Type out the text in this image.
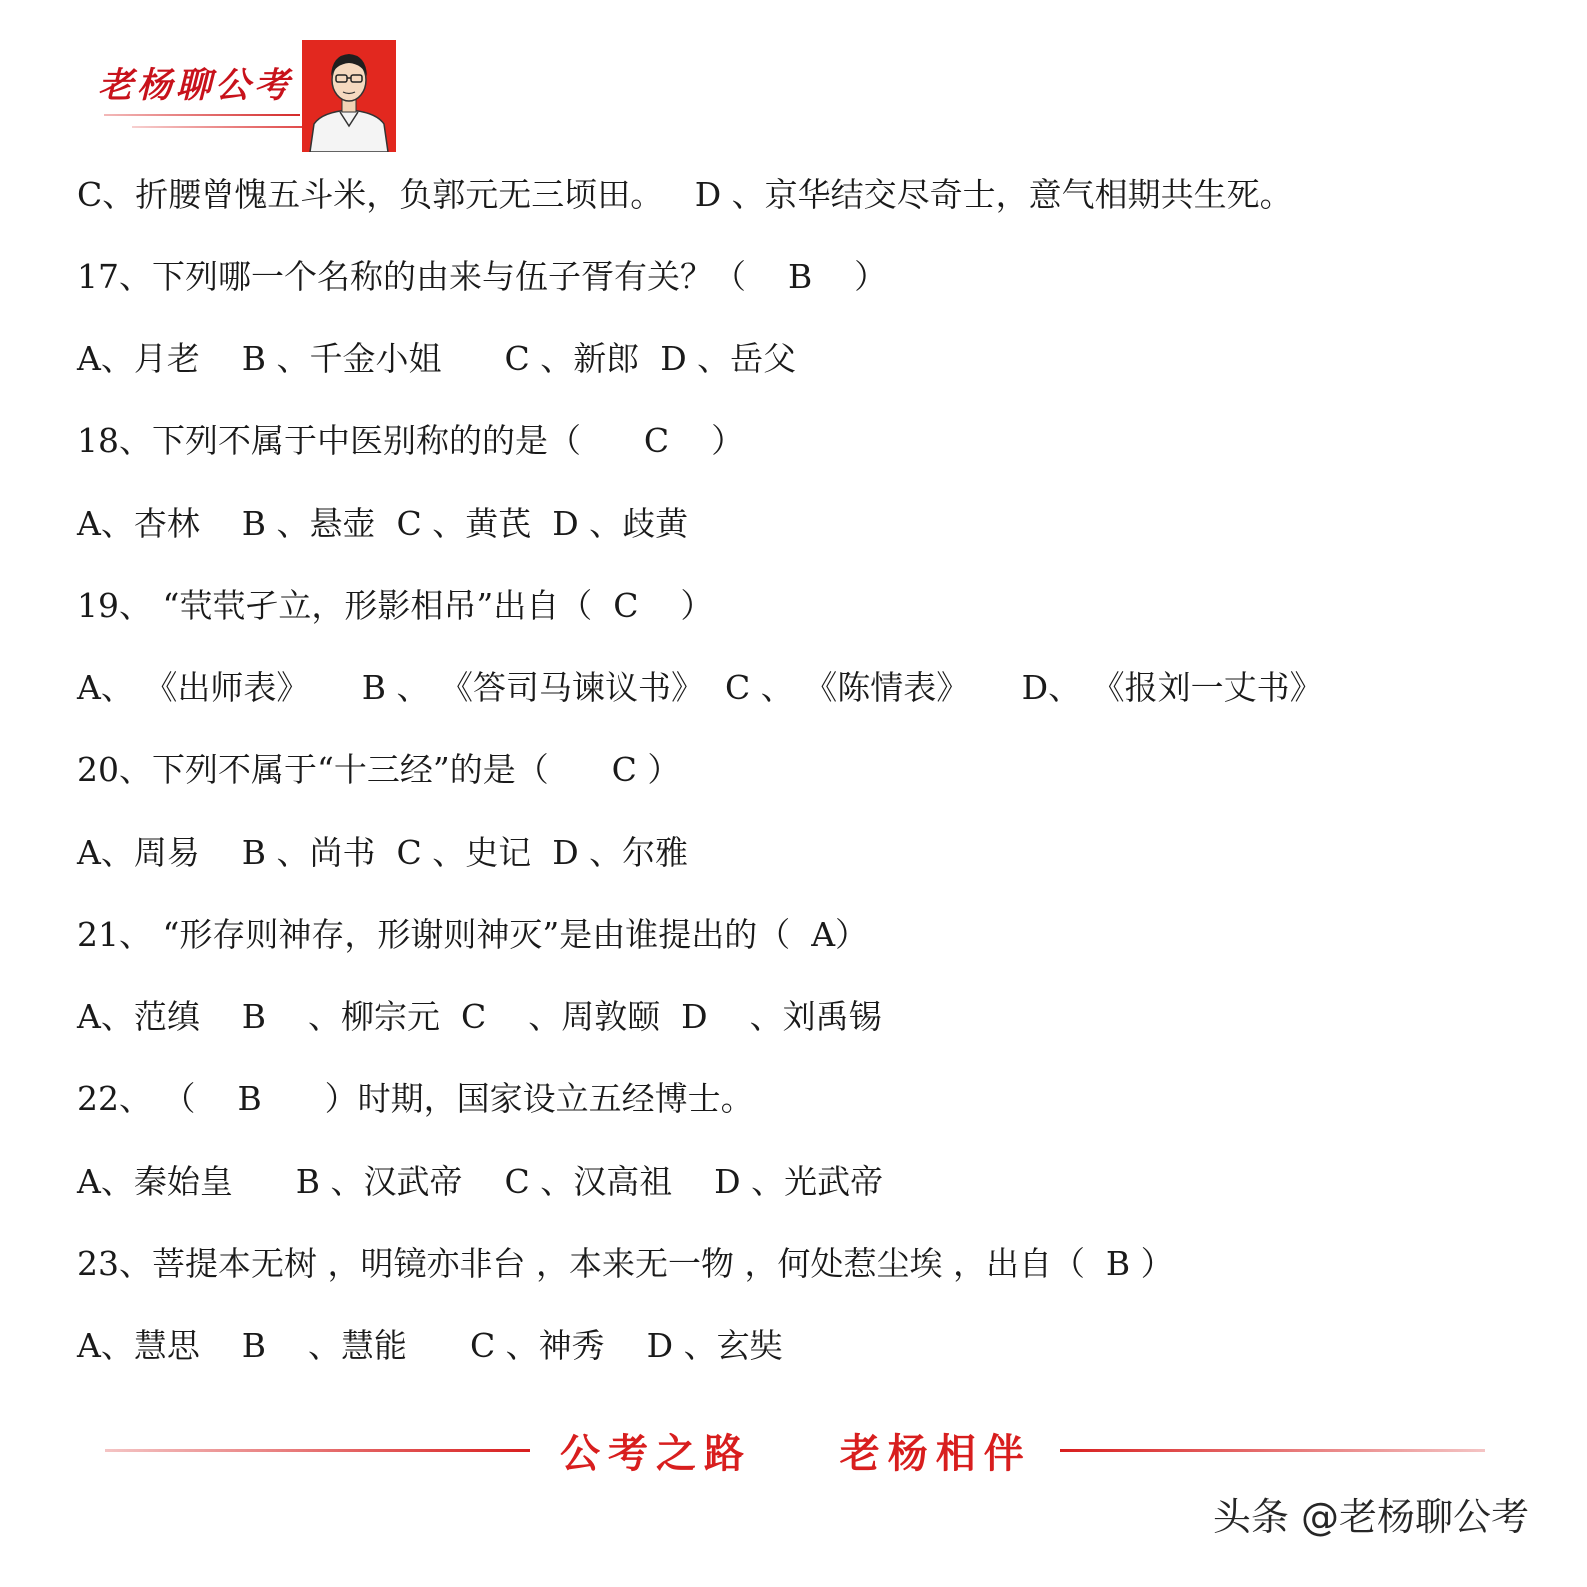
老杨聊公考
C、折腰曾愧五斗米，负郭元无三顷田。   D 、京华结交尽奇士，意气相期共生死。
17、下列哪一个名称的由来与伍子胥有关？（    B    ）
A、月老    B 、千金小姐      C 、新郎  D 、岳父
18、下列不属于中医别称的的是（      C    ）
A、杏林    B 、悬壶  C 、黄芪  D 、歧黄
19、 “茕茕孑立，形影相吊”出自（  C    ）
A、 《出师表》     B 、 《答司马谏议书》  C 、 《陈情表》     D、 《报刘一丈书》
20、下列不属于“十三经”的是（      C ）
A、周易    B 、尚书  C 、史记  D 、尔雅
21、 “形存则神存，形谢则神灭”是由谁提出的（  A）
A、范缜    B    、柳宗元  C    、周敦颐  D    、刘禹锡
22、 （    B      ）时期，国家设立五经博士。
A、秦始皇      B 、汉武帝    C 、汉高祖    D 、光武帝
23、菩提本无树 ，明镜亦非台 ，本来无一物 ，何处惹尘埃 ，出自（  B ）
A、慧思    B    、慧能      C 、神秀    D 、玄奘
公考之路    老杨相伴
头条 @老杨聊公考
